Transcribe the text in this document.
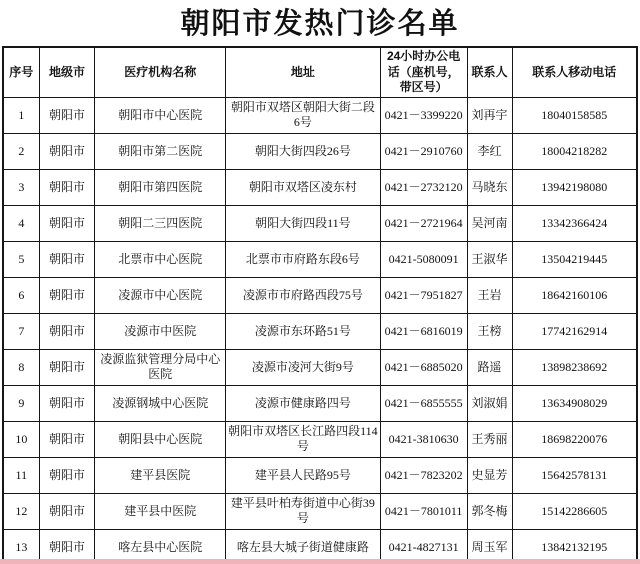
朝阳市发热门诊名单
序号	地级市	医疗机构名称	地址	24小时办公电话（座机号，带区号）	联系人	联系人移动电话
1	朝阳市	朝阳市中心医院	朝阳市双塔区朝阳大街二段6号	0421－3399220	刘再宇	18040158585
2	朝阳市	朝阳市第二医院	朝阳大街四段26号	0421－2910760	李红	18004218282
3	朝阳市	朝阳市第四医院	朝阳市双塔区凌东村	0421－2732120	马晓东	13942198080
4	朝阳市	朝阳二三四医院	朝阳大街四段11号	0421－2721964	吴河南	13342366424
5	朝阳市	北票市中心医院	北票市市府路东段6号	0421-5080091	王淑华	13504219445
6	朝阳市	凌源市中心医院	凌源市市府路西段75号	0421－7951827	王岩	18642160106
7	朝阳市	凌源市中医院	凌源市东环路51号	0421－6816019	王榜	17742162914
8	朝阳市	凌源监狱管理分局中心医院	凌源市凌河大街9号	0421－6885020	路遥	13898238692
9	朝阳市	凌源钢城中心医院	凌源市健康路四号	0421－6855555	刘淑娟	13634908029
10	朝阳市	朝阳县中心医院	朝阳市双塔区长江路四段114号	0421-3810630	王秀丽	18698220076
11	朝阳市	建平县医院	建平县人民路95号	0421－7823202	史显芳	15642578131
12	朝阳市	建平县中医院	建平县叶柏寿街道中心街39号	0421－7801011	郭冬梅	15142286605
13	朝阳市	喀左县中心医院	喀左县大城子街道健康路	0421-4827131	周玉军	13842132195
